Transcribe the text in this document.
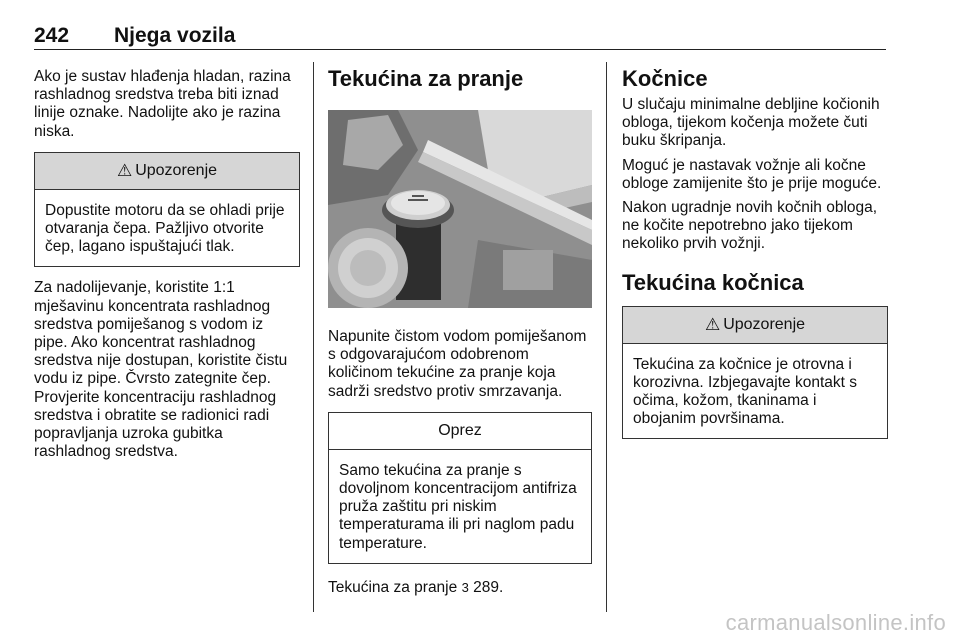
242 Njega vozila

Ako je sustav hlađenja hladan, razina rashladnog sredstva treba biti iznad linije oznake. Nadolijte ako je razina niska.

⚠ Upozorenje
Dopustite motoru da se ohladi prije otvaranja čepa. Pažljivo otvorite čep, lagano ispuštajući tlak.

Za nadolijevanje, koristite 1:1 mješavinu koncentrata rashladnog sredstva pomiješanog s vodom iz pipe. Ako koncentrat rashladnog sredstva nije dostupan, koristite čistu vodu iz pipe. Čvrsto zategnite čep. Provjerite koncentraciju rashladnog sredstva i obratite se radionici radi popravljanja uzroka gubitka rashladnog sredstva.

Tekućina za pranje

Napunite čistom vodom pomiješanom s odgovarajućom odobrenom količinom tekućine za pranje koja sadrži sredstvo protiv smrzavanja.

Oprez
Samo tekućina za pranje s dovoljnom koncentracijom antifriza pruža zaštitu pri niskim temperaturama ili pri naglom padu temperature.

Tekućina za pranje 3 289.

Kočnice

U slučaju minimalne debljine kočionih obloga, tijekom kočenja možete čuti buku škripanja.

Moguć je nastavak vožnje ali kočne obloge zamijenite što je prije moguće.

Nakon ugradnje novih kočnih obloga, ne kočite nepotrebno jako tijekom nekoliko prvih vožnji.

Tekućina kočnica
⚠ Upozorenje
Tekućina za kočnice je otrovna i korozivna. Izbjegavajte kontakt s očima, kožom, tkaninama i obojanim površinama.
carmanualsonline.info
